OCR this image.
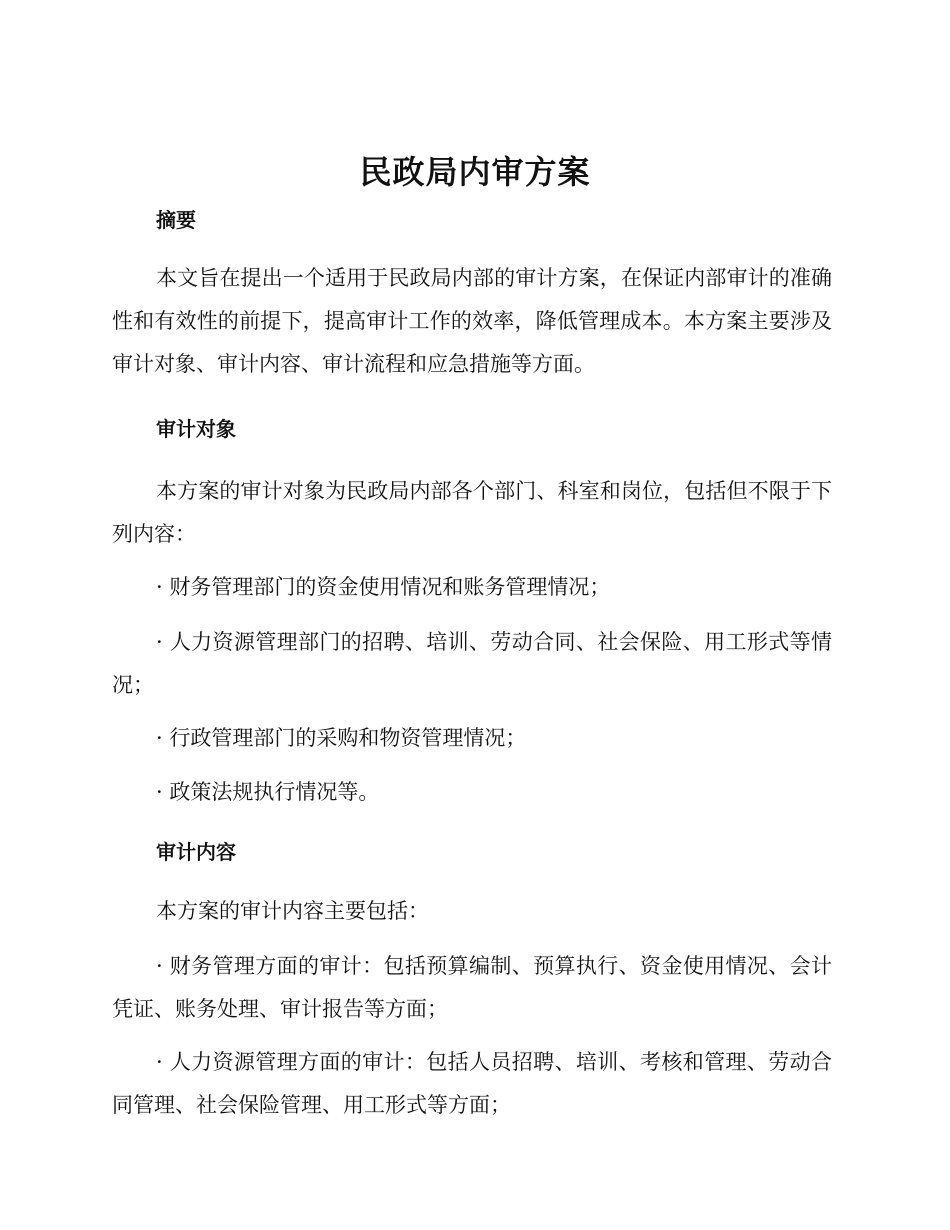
民政局内审方案
摘要

本文旨在提出一个适用于民政局内部的审计方案，在保证内部审计的准确性和有效性的前提下，提高审计工作的效率，降低管理成本。本方案主要涉及审计对象、审计内容、审计流程和应急措施等方面。

审计对象

本方案的审计对象为民政局内部各个部门、科室和岗位，包括但不限于下列内容：

· 财务管理部门的资金使用情况和账务管理情况；

· 人力资源管理部门的招聘、培训、劳动合同、社会保险、用工形式等情况；

· 行政管理部门的采购和物资管理情况；

· 政策法规执行情况等。

审计内容

本方案的审计内容主要包括：

· 财务管理方面的审计：包括预算编制、预算执行、资金使用情况、会计凭证、账务处理、审计报告等方面；

· 人力资源管理方面的审计：包括人员招聘、培训、考核和管理、劳动合同管理、社会保险管理、用工形式等方面；
